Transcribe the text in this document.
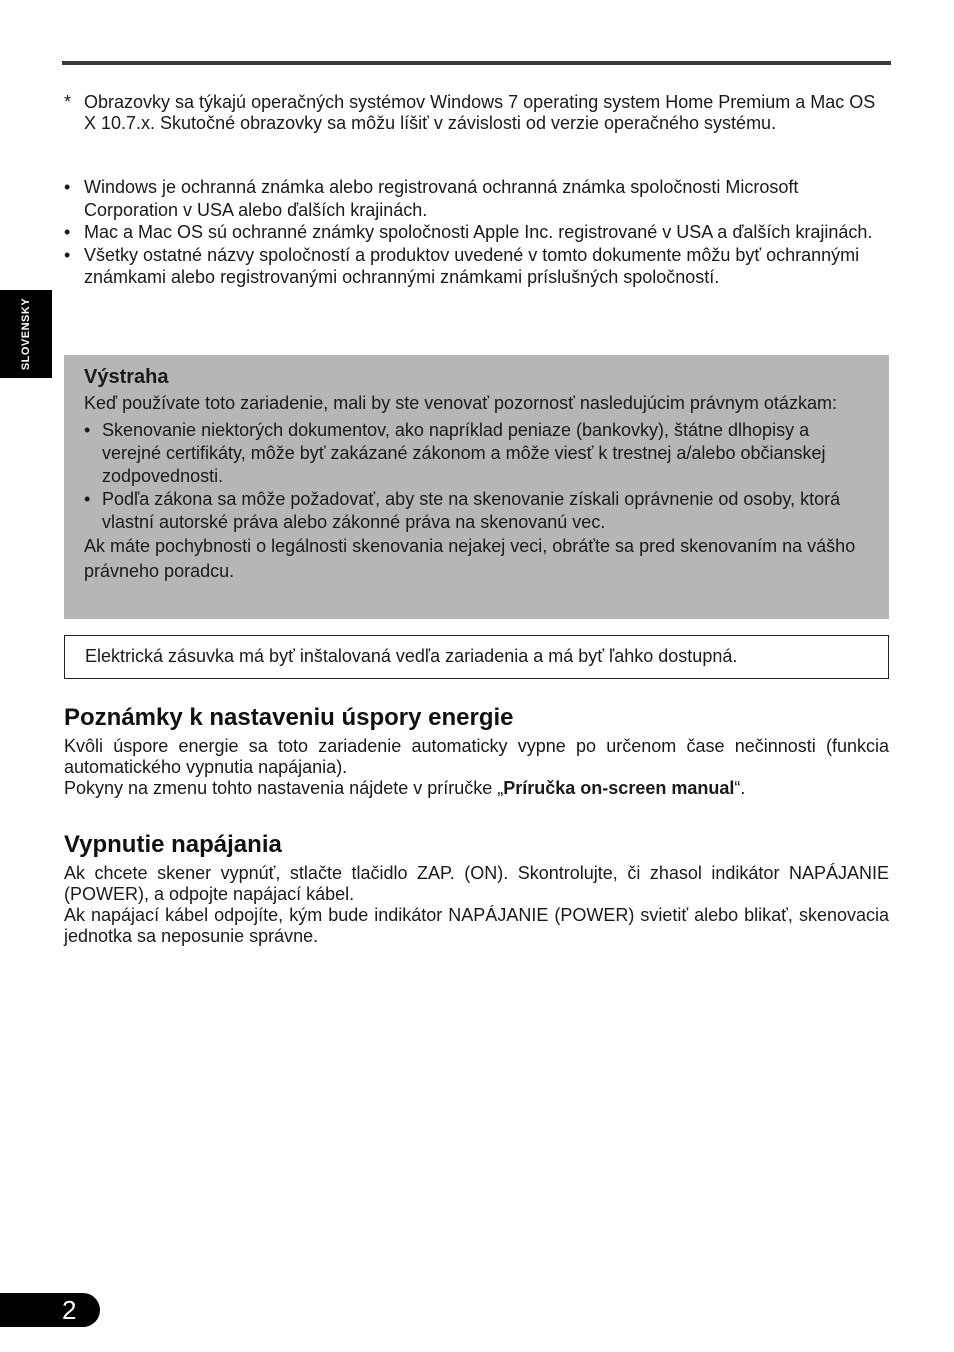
SLOVENSKY
* Obrazovky sa týkajú operačných systémov Windows 7 operating system Home Premium a Mac OS X 10.7.x. Skutočné obrazovky sa môžu líšiť v závislosti od verzie operačného systému.
• Windows je ochranná známka alebo registrovaná ochranná známka spoločnosti Microsoft Corporation v USA alebo ďalších krajinách.
• Mac a Mac OS sú ochranné známky spoločnosti Apple Inc. registrované v USA a ďalších krajinách.
• Všetky ostatné názvy spoločností a produktov uvedené v tomto dokumente môžu byť ochrannými známkami alebo registrovanými ochrannými známkami príslušných spoločností.

Výstraha

Keď používate toto zariadenie, mali by ste venovať pozornosť nasledujúcim právnym otázkam:

• Skenovanie niektorých dokumentov, ako napríklad peniaze (bankovky), štátne dlhopisy a verejné certifikáty, môže byť zakázané zákonom a môže viesť k trestnej a/alebo občianskej zodpovednosti.
• Podľa zákona sa môže požadovať, aby ste na skenovanie získali oprávnenie od osoby, ktorá vlastní autorské práva alebo zákonné práva na skenovanú vec.

Ak máte pochybnosti o legálnosti skenovania nejakej veci, obráťte sa pred skenovaním na vášho právneho poradcu.

Elektrická zásuvka má byť inštalovaná vedľa zariadenia a má byť ľahko dostupná.
Poznámky k nastaveniu úspory energie

Kvôli úspore energie sa toto zariadenie automaticky vypne po určenom čase nečinnosti (funkcia automatického vypnutia napájania).

Pokyny na zmenu tohto nastavenia nájdete v príručke „Príručka on-screen manual“.

Vypnutie napájania

Ak chcete skener vypnúť, stlačte tlačidlo ZAP. (ON). Skontrolujte, či zhasol indikátor NAPÁJANIE (POWER), a odpojte napájací kábel.

Ak napájací kábel odpojíte, kým bude indikátor NAPÁJANIE (POWER) svietiť alebo blikať, skenovacia jednotka sa neposunie správne.

2
